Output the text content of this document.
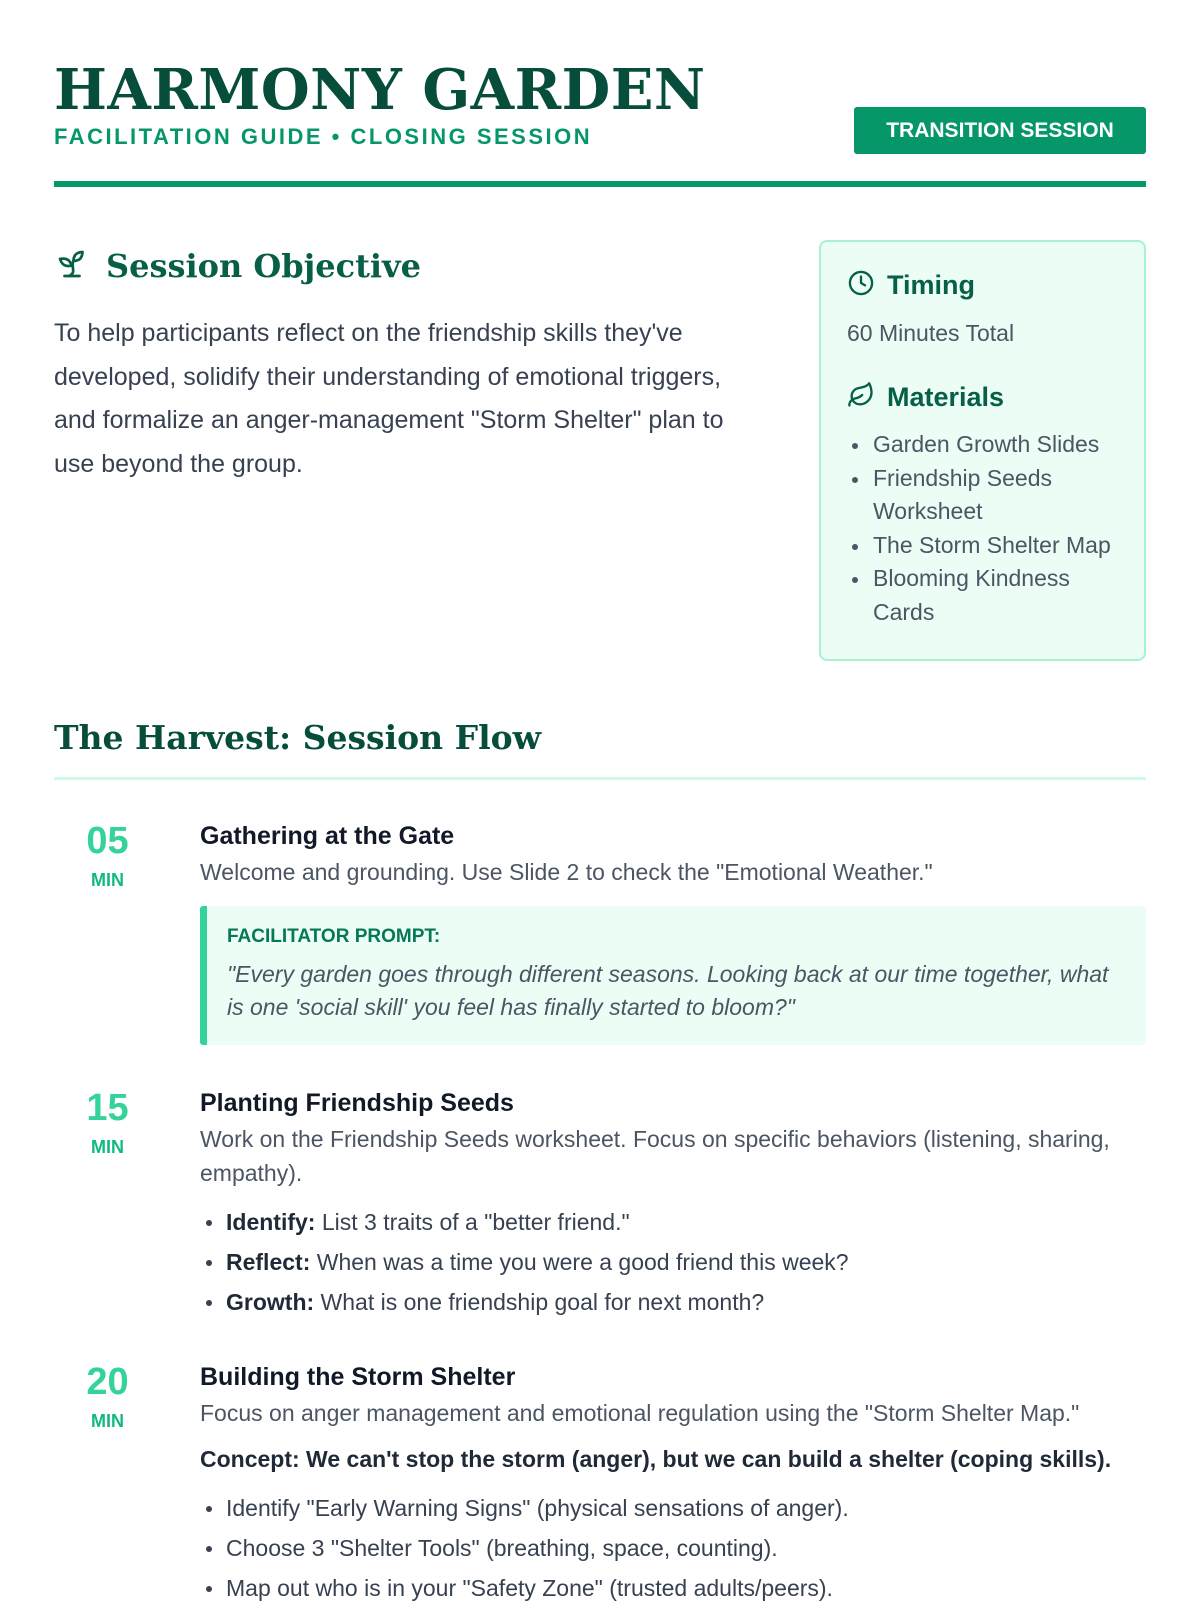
HARMONY GARDEN
FACILITATION GUIDE • CLOSING SESSION	TRANSITION SESSION
Session Objective

To help participants reflect on the friendship skills they've developed, solidify their understanding of emotional triggers, and formalize an anger-management "Storm Shelter" plan to use beyond the group.

Timing

60 Minutes Total

Materials
Garden Growth Slides
Friendship Seeds Worksheet
The Storm Shelter Map
Blooming Kindness Cards
The Harvest: Session Flow
05
MIN
Gathering at the Gate

Welcome and grounding. Use Slide 2 to check the "Emotional Weather."

FACILITATOR PROMPT:
"Every garden goes through different seasons. Looking back at our time together, what is one 'social skill' you feel has finally started to bloom?"
15
MIN
Planting Friendship Seeds

Work on the Friendship Seeds worksheet. Focus on specific behaviors (listening, sharing, empathy).

Identify: List 3 traits of a "better friend."
Reflect: When was a time you were a good friend this week?
Growth: What is one friendship goal for next month?
20
MIN
Building the Storm Shelter

Focus on anger management and emotional regulation using the "Storm Shelter Map."

Concept: We can't stop the storm (anger), but we can build a shelter (coping skills).

Identify "Early Warning Signs" (physical sensations of anger).
Choose 3 "Shelter Tools" (breathing, space, counting).
Map out who is in your "Safety Zone" (trusted adults/peers).
